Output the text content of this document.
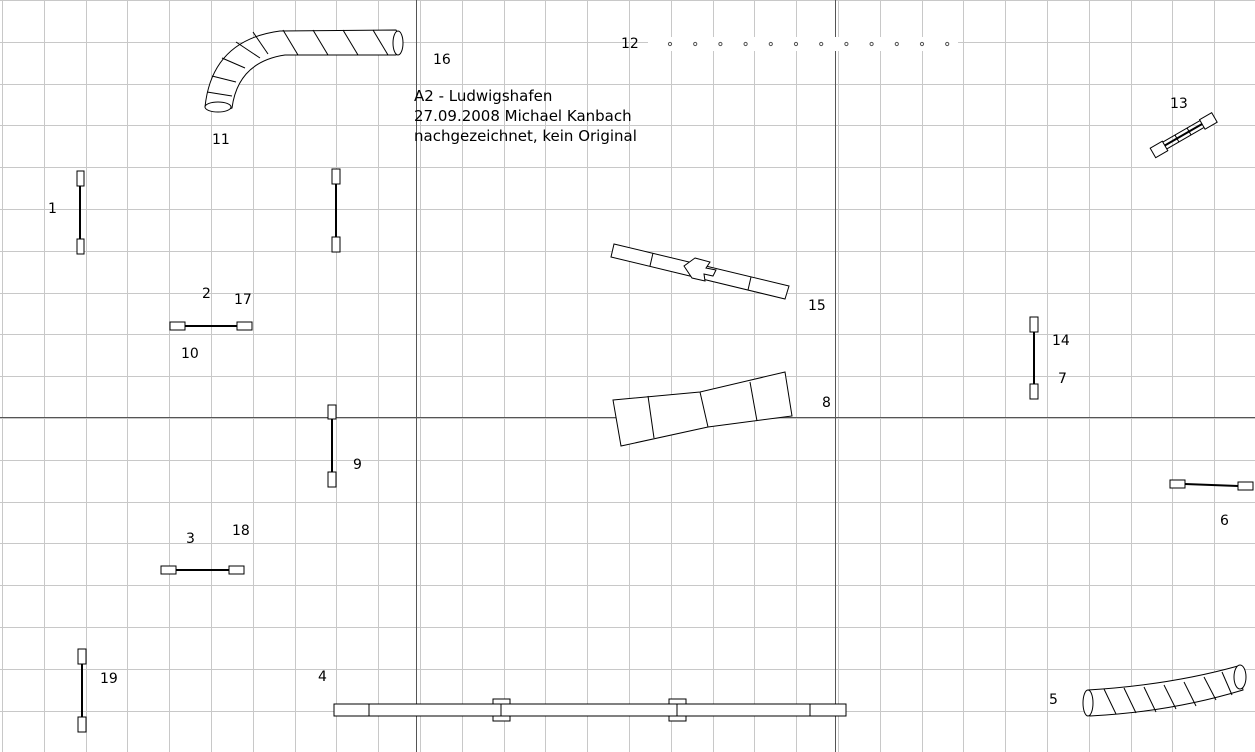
A2 - Ludwigshafen
27.09.2008 Michael Kanbach
nachgezeichnet, kein Original
1
2 17
10
3	18
4
5
6
7
8
9
11
12
13
14
15
16
19
